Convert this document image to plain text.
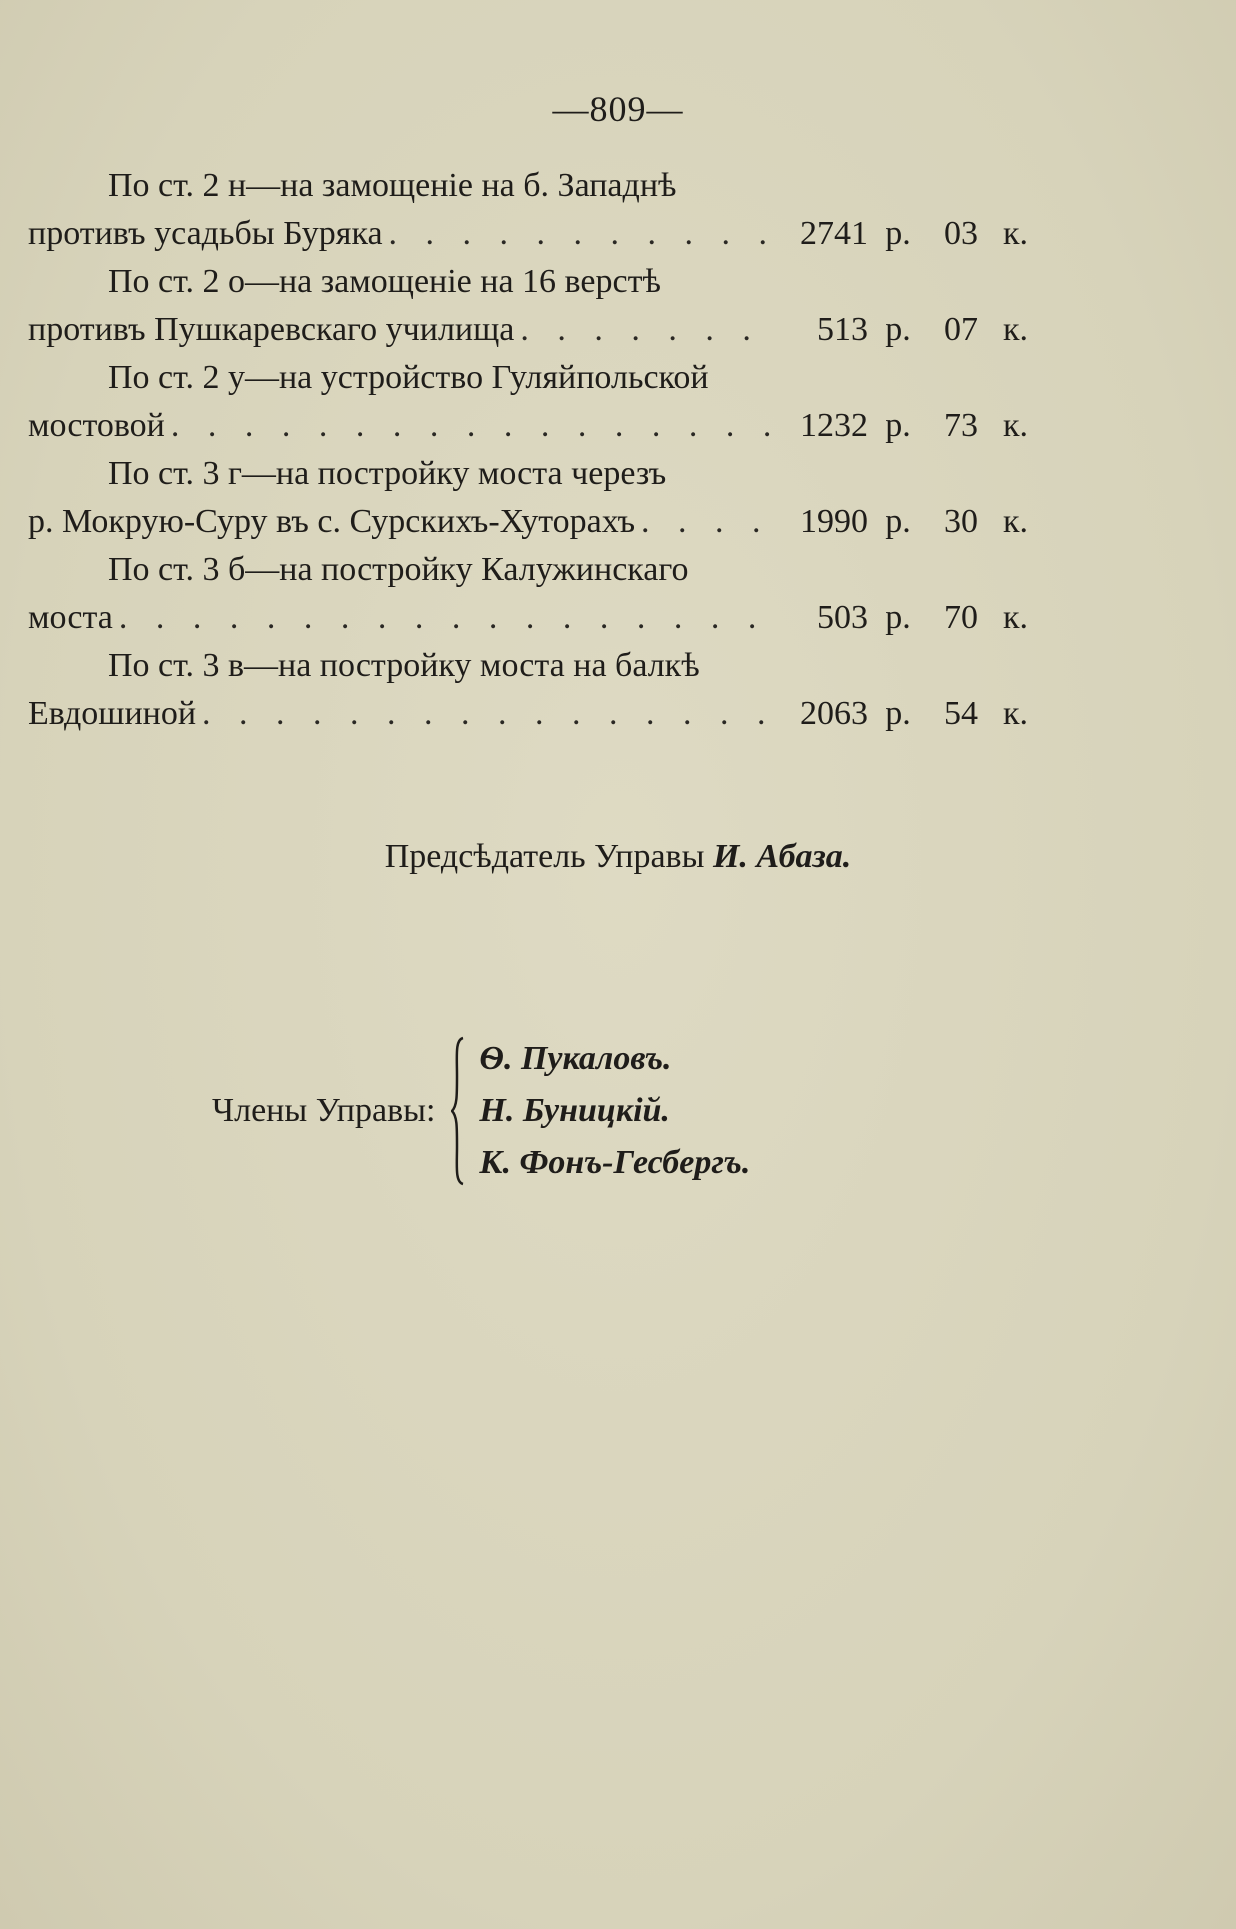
—809—
По ст. 2 н—на замощеніе на б. Западнѣ
противъ усадьбы Буряка . . .	2741 р. 03 к.
По ст. 2 о—на замощеніе на 16 верстѣ
противъ Пушкаревскаго училища . . .	513 р. 07 к.
По ст. 2 у—на устройство Гуляйпольской
мостовой . . .	1232 р. 73 к.
По ст. 3 г—на постройку моста черезъ
р. Мокрую-Суру въ с. Сурскихъ-Хуторахъ . . .	1990 р. 30 к.
По ст. 3 б—на постройку Калужинскаго
моста . . .	503 р. 70 к.
По ст. 3 в—на постройку моста на балкѣ
Евдошиной . . .	2063 р. 54 к.
Предсѣдатель Управы И. Абаза.
Члены Управы:
Ѳ. Пукаловъ.
Н. Буницкій.
К. Фонъ-Гесбергъ.
